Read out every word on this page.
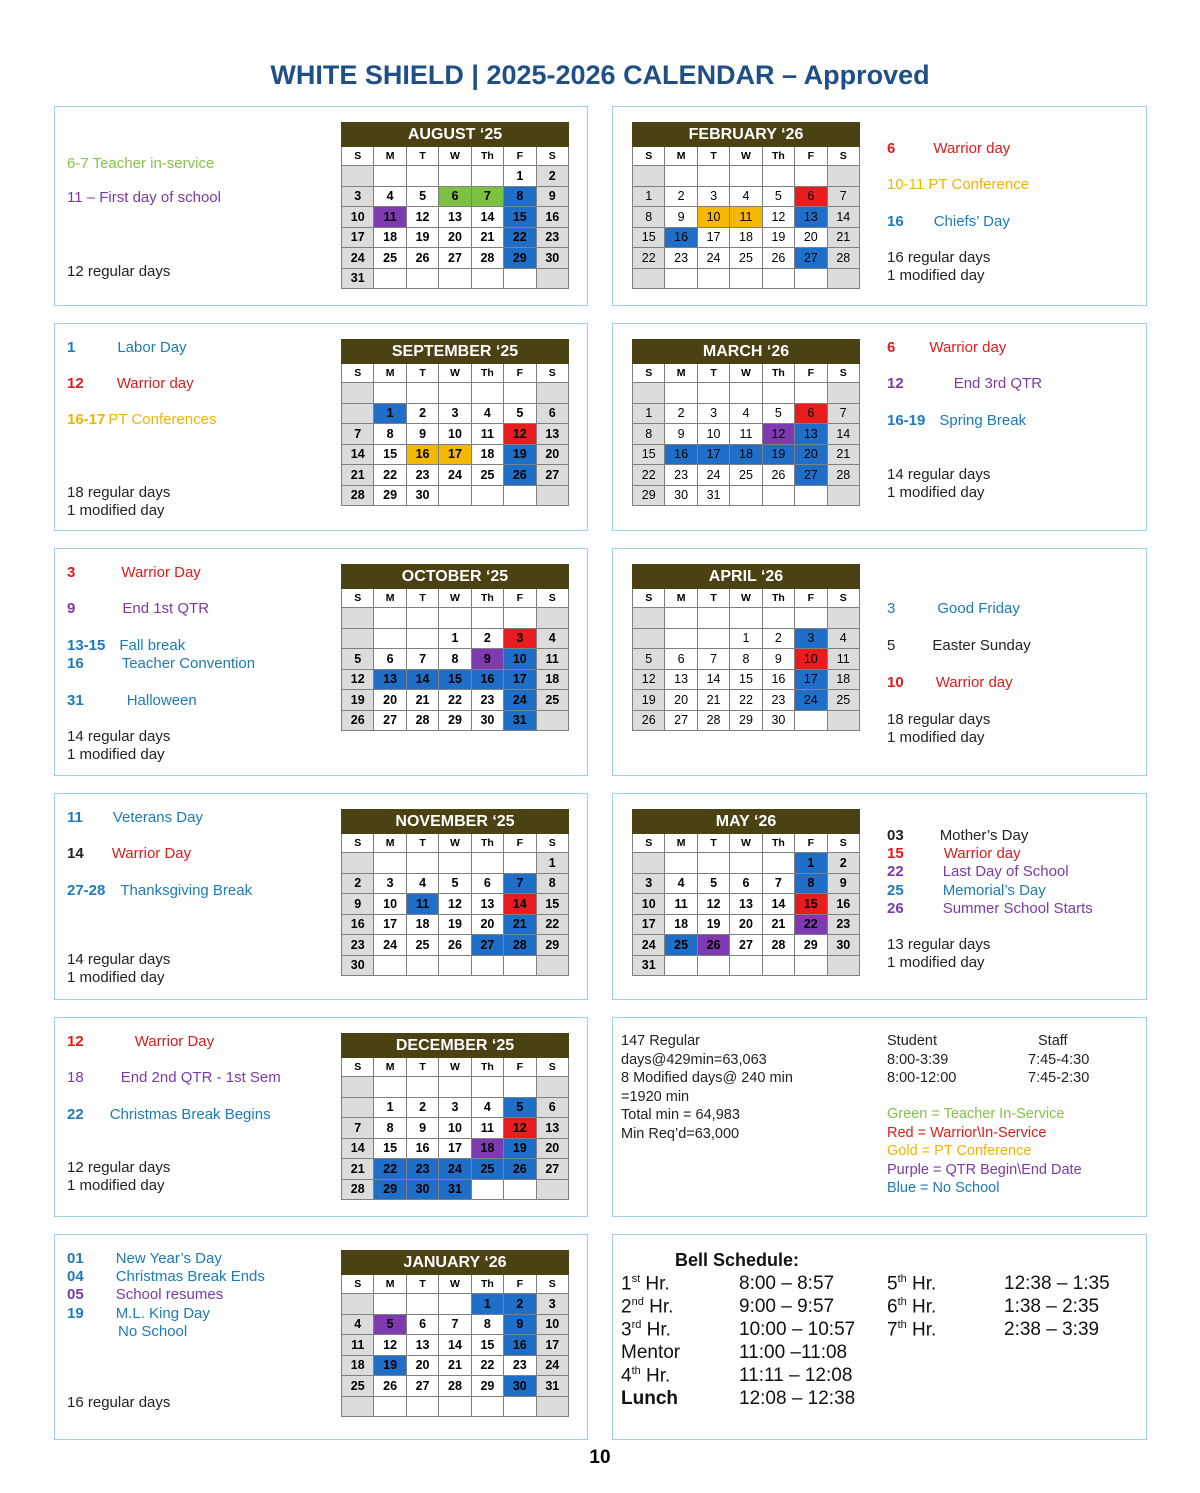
WHITE SHIELD | 2025-2026 CALENDAR – Approved
AUGUST ‘25						
S	M	T	W	Th	F	S
					1	2
3	4	5	6	7	8	9
10	11	12	13	14	15	16
17	18	19	20	21	22	23
24	25	26	27	28	29	30
31						
FEBRUARY ‘26						
S	M	T	W	Th	F	S

1	2	3	4	5	6	7
8	9	10	11	12	13	14
15	16	17	18	19	20	21
22	23	24	25	26	27	28

SEPTEMBER ‘25						
S	M	T	W	Th	F	S

	1	2	3	4	5	6
7	8	9	10	11	12	13
14	15	16	17	18	19	20
21	22	23	24	25	26	27
28	29	30				
MARCH ‘26						
S	M	T	W	Th	F	S

1	2	3	4	5	6	7
8	9	10	11	12	13	14
15	16	17	18	19	20	21
22	23	24	25	26	27	28
29	30	31				
OCTOBER ‘25						
S	M	T	W	Th	F	S

			1	2	3	4
5	6	7	8	9	10	11
12	13	14	15	16	17	18
19	20	21	22	23	24	25
26	27	28	29	30	31	
APRIL ‘26						
S	M	T	W	Th	F	S

			1	2	3	4
5	6	7	8	9	10	11
12	13	14	15	16	17	18
19	20	21	22	23	24	25
26	27	28	29	30		
NOVEMBER ‘25						
S	M	T	W	Th	F	S
						1
2	3	4	5	6	7	8
9	10	11	12	13	14	15
16	17	18	19	20	21	22
23	24	25	26	27	28	29
30						
MAY ‘26						
S	M	T	W	Th	F	S
					1	2
3	4	5	6	7	8	9
10	11	12	13	14	15	16
17	18	19	20	21	22	23
24	25	26	27	28	29	30
31						
DECEMBER ‘25						
S	M	T	W	Th	F	S

	1	2	3	4	5	6
7	8	9	10	11	12	13
14	15	16	17	18	19	20
21	22	23	24	25	26	27
28	29	30	31			
JANUARY ‘26						
S	M	T	W	Th	F	S
				1	2	3
4	5	6	7	8	9	10
11	12	13	14	15	16	17
18	19	20	21	22	23	24
25	26	27	28	29	30	31

6-7 Teacher in-service
11 – First day of school
12 regular days
6	Warrior day
10-11 PT Conference
16 Chiefs’ Day
16 regular days
1 modified day
1	Labor Day
12 Warrior day
16-17 PT Conferences
18 regular days
1 modified day
6 Warrior day
12	End 3rd QTR
16-19 Spring Break
14 regular days
1 modified day
3	Warrior Day
9	End 1st QTR
13-15 Fall break
16	Teacher Convention
31	Halloween
14 regular days
1 modified day
3	Good Friday
5 Easter Sunday
10 Warrior day
18 regular days
1 modified day
11 Veterans Day
14 Warrior Day
27-28 Thanksgiving Break
14 regular days
1 modified day
03 Mother’s Day
15	Warrior day
22	Last Day of School
25	Memorial’s Day
26	Summer School Starts
13 regular days
1 modified day
12	Warrior Day
18 End 2nd QTR - 1st Sem
22 Christmas Break Begins
12 regular days
1 modified day
01 New Year’s Day
04 Christmas Break Ends
05 School resumes
19 M.L. King Day
No School
16 regular days
147 Regular
days@429min=63,063
8 Modified days@ 240 min
=1920 min
Total min = 64,983
Min Req’d=63,000
Student
8:00-3:39
8:00-12:00
Staff
7:45-4:30
7:45-2:30
Green = Teacher In-Service
Red = Warrior\In-Service
Gold = PT Conference
Purple = QTR Begin\End Date
Blue = No School
Bell Schedule:
1st Hr.	8:00 – 8:57
2nd Hr.	9:00 – 9:57
3rd Hr.	10:00 – 10:57
Mentor	11:00 –11:08
4th Hr.	11:11 – 12:08
Lunch	12:08 – 12:38
5th Hr.	12:38 – 1:35
6th Hr.	1:38 – 2:35
7th Hr.	2:38 – 3:39
10
